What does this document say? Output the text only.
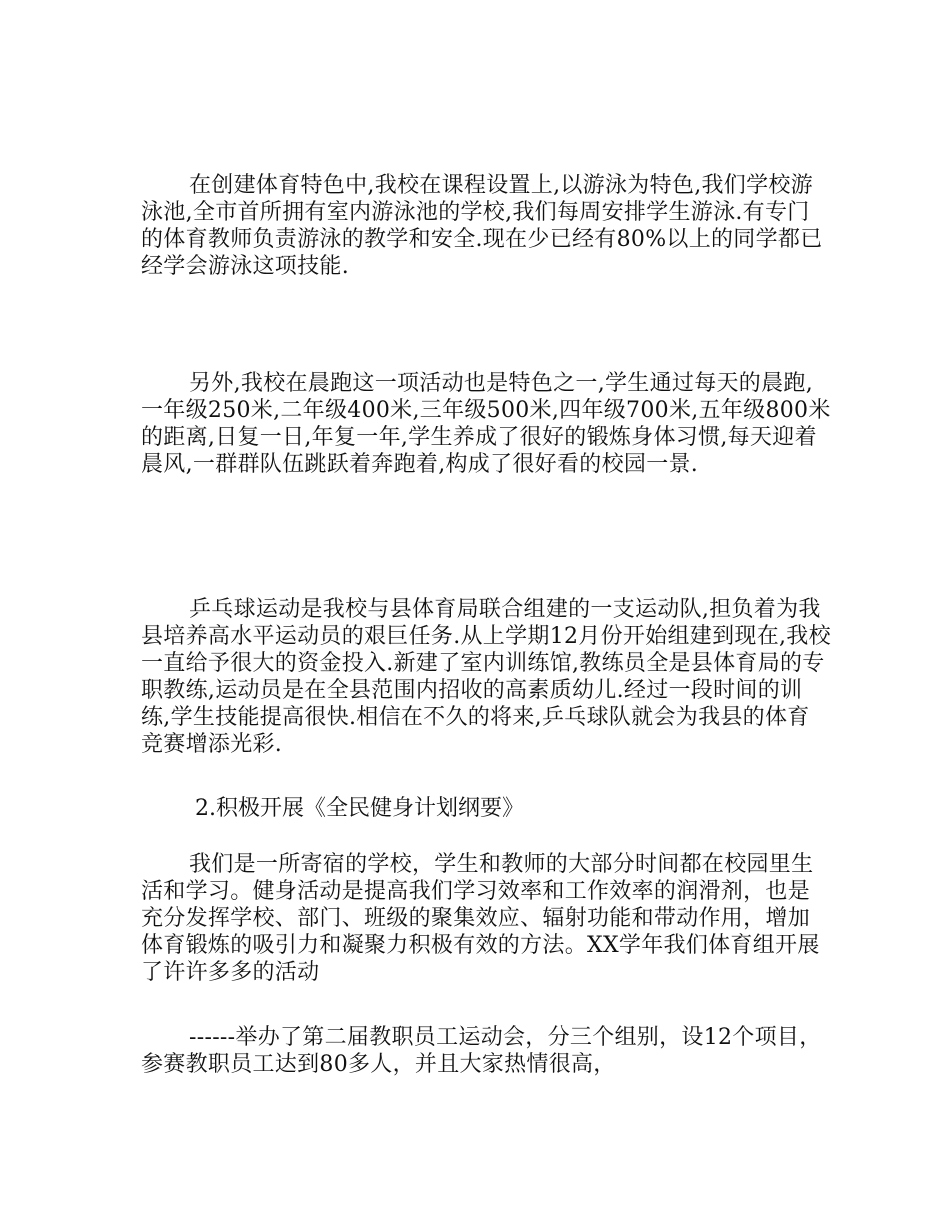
在创建体育特色中,我校在课程设置上,以游泳为特色,我们学校游泳池,全市首所拥有室内游泳池的学校,我们每周安排学生游泳.有专门的体育教师负责游泳的教学和安全.现在少已经有80%以上的同学都已经学会游泳这项技能.

另外,我校在晨跑这一项活动也是特色之一,学生通过每天的晨跑,一年级250米,二年级400米,三年级500米,四年级700米,五年级800米的距离,日复一日,年复一年,学生养成了很好的锻炼身体习惯,每天迎着晨风,一群群队伍跳跃着奔跑着,构成了很好看的校园一景.

乒乓球运动是我校与县体育局联合组建的一支运动队,担负着为我县培养高水平运动员的艰巨任务.从上学期12月份开始组建到现在,我校一直给予很大的资金投入.新建了室内训练馆,教练员全是县体育局的专职教练,运动员是在全县范围内招收的高素质幼儿.经过一段时间的训练,学生技能提高很快.相信在不久的将来,乒乓球队就会为我县的体育竞赛增添光彩.

2.积极开展《全民健身计划纲要》

我们是一所寄宿的学校，学生和教师的大部分时间都在校园里生活和学习。健身活动是提高我们学习效率和工作效率的润滑剂，也是充分发挥学校、部门、班级的聚集效应、辐射功能和带动作用，增加体育锻炼的吸引力和凝聚力积极有效的方法。XX学年我们体育组开展了许许多多的活动

------举办了第二届教职员工运动会，分三个组别，设12个项目，参赛教职员工达到80多人，并且大家热情很高，
